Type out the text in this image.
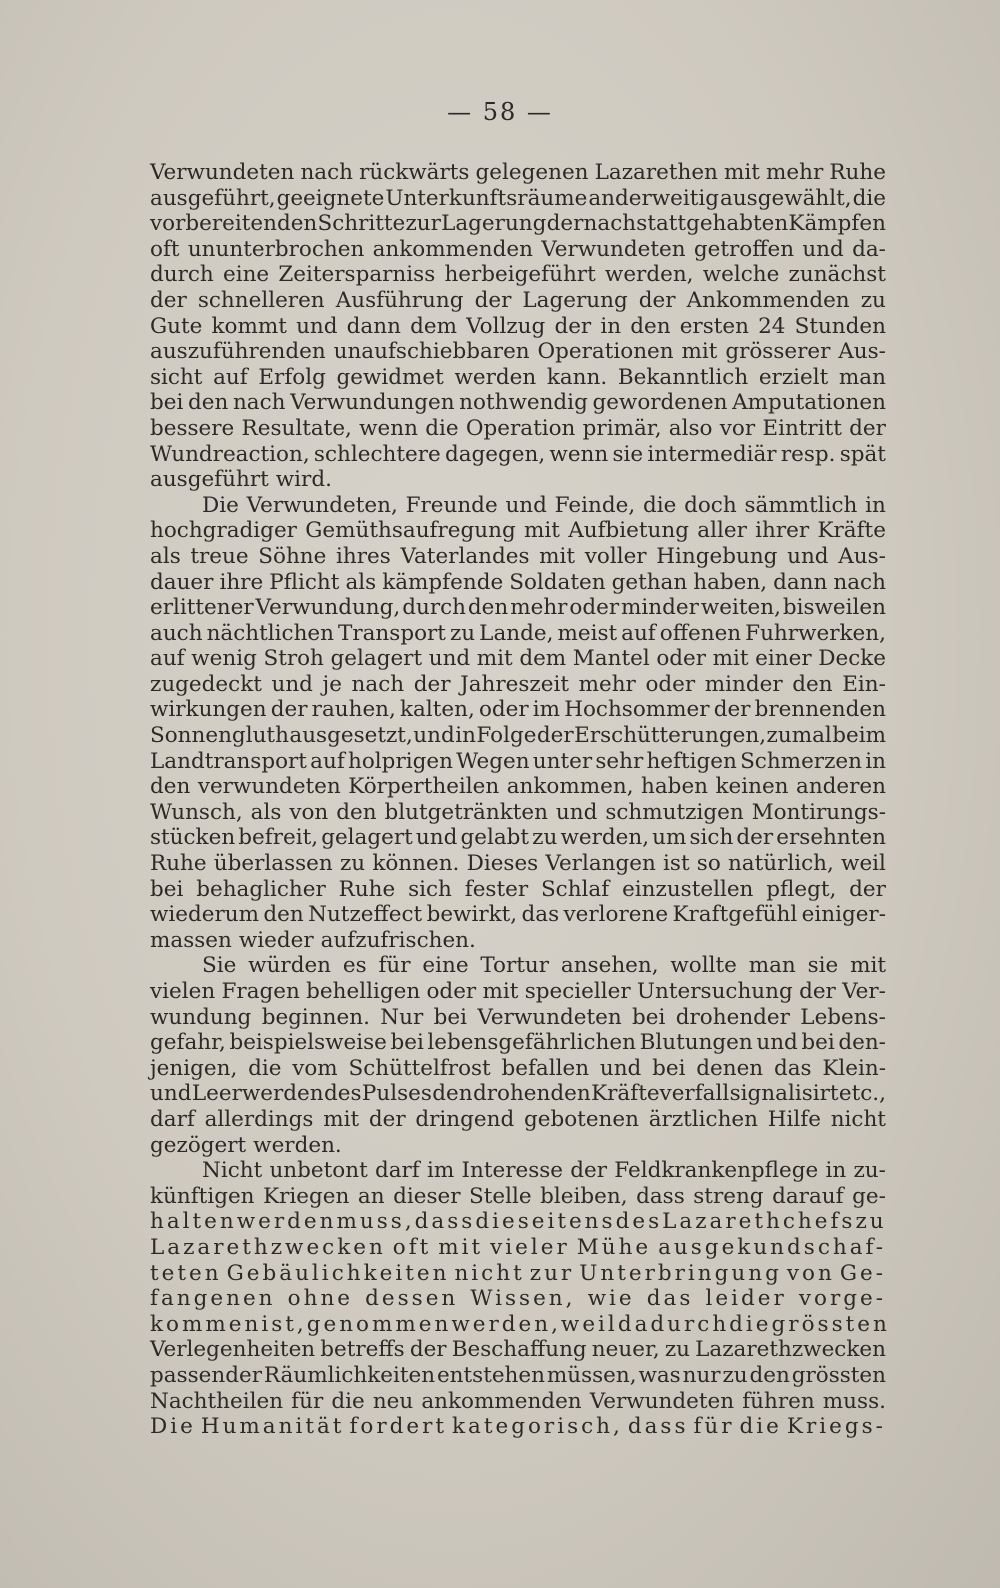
— 58 —
Verwundeten nach rückwärts gelegenen Lazarethen mit mehr Ruhe
ausgeführt, geeignete Unterkunftsräume anderweitig ausgewählt, die
vorbereitenden Schritte zur Lagerung der nach stattgehabten Kämpfen
oft ununterbrochen ankommenden Verwundeten getroffen und da-
durch eine Zeitersparniss herbeigeführt werden, welche zunächst
der schnelleren Ausführung der Lagerung der Ankommenden zu
Gute kommt und dann dem Vollzug der in den ersten 24 Stunden
auszuführenden unaufschiebbaren Operationen mit grösserer Aus-
sicht auf Erfolg gewidmet werden kann. Bekanntlich erzielt man
bei den nach Verwundungen nothwendig gewordenen Amputationen
bessere Resultate, wenn die Operation primär, also vor Eintritt der
Wundreaction, schlechtere dagegen, wenn sie intermediär resp. spät
ausgeführt wird.
Die Verwundeten, Freunde und Feinde, die doch sämmtlich in
hochgradiger Gemüthsaufregung mit Aufbietung aller ihrer Kräfte
als treue Söhne ihres Vaterlandes mit voller Hingebung und Aus-
dauer ihre Pflicht als kämpfende Soldaten gethan haben, dann nach
erlittener Verwundung, durch den mehr oder minder weiten, bisweilen
auch nächtlichen Transport zu Lande, meist auf offenen Fuhrwerken,
auf wenig Stroh gelagert und mit dem Mantel oder mit einer Decke
zugedeckt und je nach der Jahreszeit mehr oder minder den Ein-
wirkungen der rauhen, kalten, oder im Hochsommer der brennenden
Sonnengluth ausgesetzt, und in Folge der Erschütterungen, zumal beim
Landtransport auf holprigen Wegen unter sehr heftigen Schmerzen in
den verwundeten Körpertheilen ankommen, haben keinen anderen
Wunsch, als von den blutgetränkten und schmutzigen Montirungs-
stücken befreit, gelagert und gelabt zu werden, um sich der ersehnten
Ruhe überlassen zu können. Dieses Verlangen ist so natürlich, weil
bei behaglicher Ruhe sich fester Schlaf einzustellen pflegt, der
wiederum den Nutzeffect bewirkt, das verlorene Kraftgefühl einiger-
massen wieder aufzufrischen.
Sie würden es für eine Tortur ansehen, wollte man sie mit
vielen Fragen behelligen oder mit specieller Untersuchung der Ver-
wundung beginnen. Nur bei Verwundeten bei drohender Lebens-
gefahr, beispielsweise bei lebensgefährlichen Blutungen und bei den-
jenigen, die vom Schüttelfrost befallen und bei denen das Klein-
und Leerwerden des Pulses den drohenden Kräfteverfall signalisirt etc.,
darf allerdings mit der dringend gebotenen ärztlichen Hilfe nicht
gezögert werden.
Nicht unbetont darf im Interesse der Feldkrankenpflege in zu-
künftigen Kriegen an dieser Stelle bleiben, dass streng darauf ge-
halten werden muss, dass die seitens des Lazarethchefs zu
Lazarethzwecken oft mit vieler Mühe ausgekundschaf-
teten Gebäulichkeiten nicht zur Unterbringung von Ge-
fangenen ohne dessen Wissen, wie das leider vorge-
kommen ist, genommen werden, weil dadurch die grössten
Verlegenheiten betreffs der Beschaffung neuer, zu Lazarethzwecken
passender Räumlichkeiten entstehen müssen, was nur zu den grössten
Nachtheilen für die neu ankommenden Verwundeten führen muss.
Die Humanität fordert kategorisch, dass für die Kriegs-
